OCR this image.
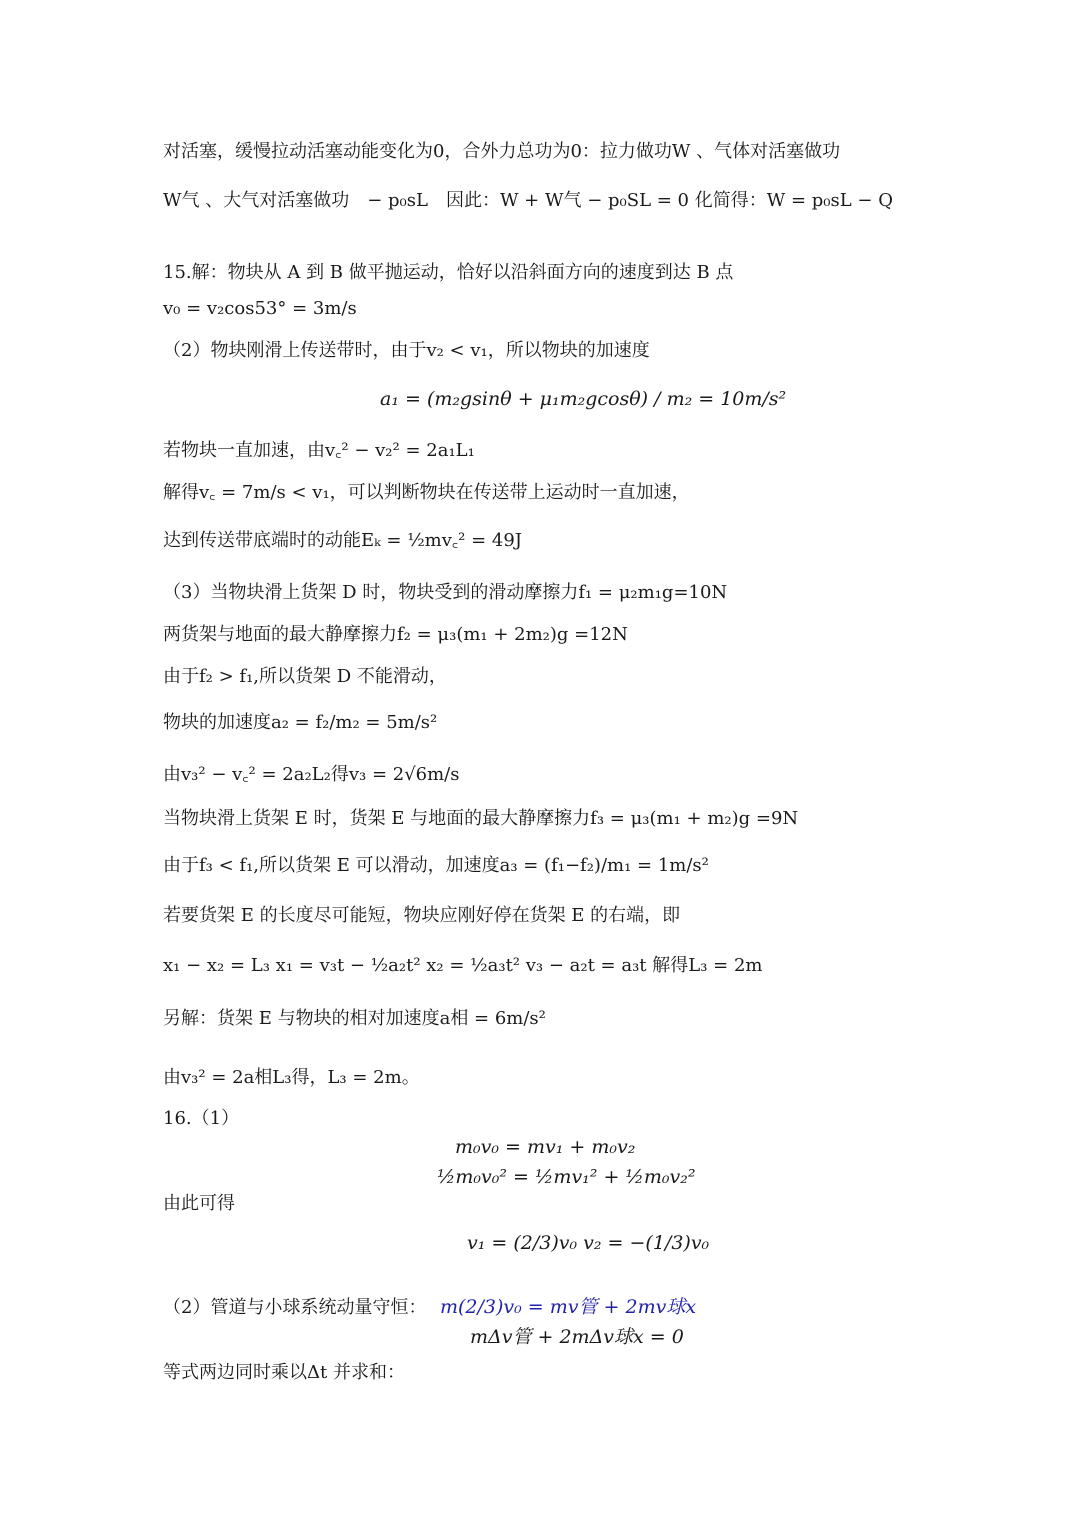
对活塞，缓慢拉动活塞动能变化为0，合外力总功为0：拉力做功W 、气体对活塞做功
W气 、大气对活塞做功　− p₀sL　因此：W + W气 − p₀SL = 0 化简得：W = p₀sL − Q
15.解：物块从 A 到 B 做平抛运动，恰好以沿斜面方向的速度到达 B 点
v₀ = v₂cos53° = 3m/s
（2）物块刚滑上传送带时，由于v₂ < v₁，所以物块的加速度
a₁ = (m₂gsinθ + μ₁m₂gcosθ) / m₂ = 10m/s²
若物块一直加速，由v꜀² − v₂² = 2a₁L₁
解得v꜀ = 7m/s < v₁，可以判断物块在传送带上运动时一直加速，
达到传送带底端时的动能Eₖ = ½mv꜀² = 49J
（3）当物块滑上货架 D 时，物块受到的滑动摩擦力f₁ = μ₂m₁g=10N
两货架与地面的最大静摩擦力f₂ = μ₃(m₁ + 2m₂)g =12N
由于f₂ > f₁,所以货架 D 不能滑动，
物块的加速度a₂ = f₂/m₂ = 5m/s²
由v₃² − v꜀² = 2a₂L₂得v₃ = 2√6m/s
当物块滑上货架 E 时，货架 E 与地面的最大静摩擦力f₃ = μ₃(m₁ + m₂)g =9N
由于f₃ < f₁,所以货架 E 可以滑动，加速度a₃ = (f₁−f₂)/m₁ = 1m/s²
若要货架 E 的长度尽可能短，物块应刚好停在货架 E 的右端，即
x₁ − x₂ = L₃ x₁ = v₃t − ½a₂t² x₂ = ½a₃t² v₃ − a₂t = a₃t 解得L₃ = 2m
另解：货架 E 与物块的相对加速度a相 = 6m/s²
由v₃² = 2a相L₃得，L₃ = 2m。
16.（1）
m₀v₀ = mv₁ + m₀v₂
½m₀v₀² = ½mv₁² + ½m₀v₂²
由此可得
v₁ = (2/3)v₀ v₂ = −(1/3)v₀
（2）管道与小球系统动量守恒： m(2/3)v₀ = mv管 + 2mv球x
mΔv管 + 2mΔv球x = 0
等式两边同时乘以Δt 并求和：
